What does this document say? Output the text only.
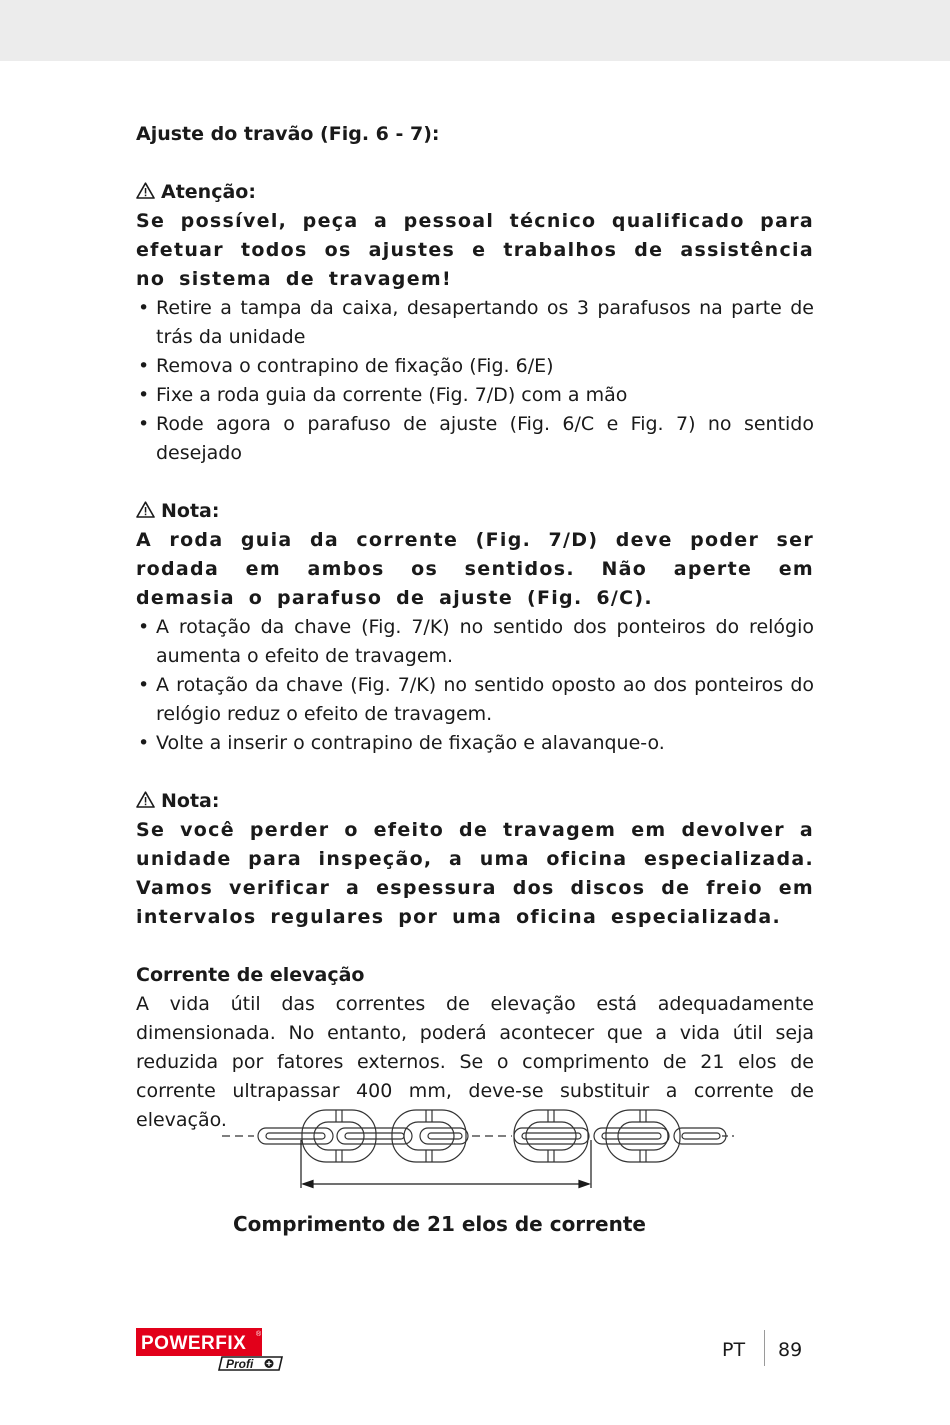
Ajuste do travão (Fig. 6 - 7):

Atenção:

Se possível, peça a pessoal técnico qualificado para efetuar todos os ajustes e trabalhos de assistência no sistema de travagem!

• Retire a tampa da caixa, desapertando os 3 parafusos na parte de trás da unidade
• Remova o contrapino de fixação (Fig. 6/E)
• Fixe a roda guia da corrente (Fig. 7/D) com a mão
• Rode agora o parafuso de ajuste (Fig. 6/C e Fig. 7) no sentido desejado

Nota:

A roda guia da corrente (Fig. 7/D) deve poder ser rodada em ambos os sentidos. Não aperte em demasia o parafuso de ajuste (Fig. 6/C).

• A rotação da chave (Fig. 7/K) no sentido dos ponteiros do relógio aumenta o efeito de travagem.
• A rotação da chave (Fig. 7/K) no sentido oposto ao dos ponteiros do relógio reduz o efeito de travagem.
• Volte a inserir o contrapino de fixação e alavanque-o.

Nota:

Se você perder o efeito de travagem em devolver a unidade para inspeção, a uma oficina especializada. Vamos verificar a espessura dos discos de freio em intervalos regulares por uma oficina especializada.

Corrente de elevação

A vida útil das correntes de elevação está adequadamente dimensionada. No entanto, poderá acontecer que a vida útil seja reduzida por fatores externos. Se o comprimento de 21 elos de corrente ultrapassar 400 mm, deve-se substituir a corrente de elevação.

Comprimento de 21 elos de corrente
POWERFIX ®
Profi
PT 89
